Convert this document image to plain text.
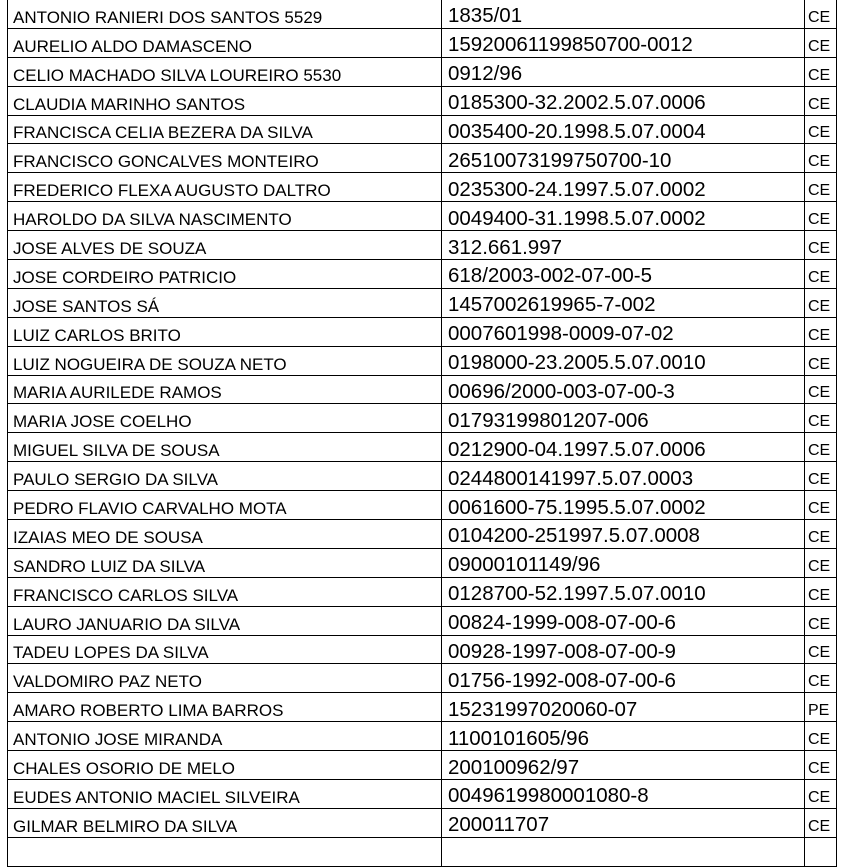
ANTONIO RANIERI DOS SANTOS 5529	1835/01	CE
AURELIO ALDO DAMASCENO	15920061199850700-0012	CE
CELIO MACHADO SILVA LOUREIRO 5530	0912/96	CE
CLAUDIA MARINHO SANTOS	0185300-32.2002.5.07.0006	CE
FRANCISCA CELIA BEZERA DA SILVA	0035400-20.1998.5.07.0004	CE
FRANCISCO GONCALVES MONTEIRO	26510073199750700-10	CE
FREDERICO FLEXA AUGUSTO DALTRO	0235300-24.1997.5.07.0002	CE
HAROLDO DA SILVA NASCIMENTO	0049400-31.1998.5.07.0002	CE
JOSE ALVES DE SOUZA	312.661.997	CE
JOSE CORDEIRO PATRICIO	618/2003-002-07-00-5	CE
JOSE SANTOS SÁ	1457002619965-7-002	CE
LUIZ CARLOS BRITO	0007601998-0009-07-02	CE
LUIZ NOGUEIRA DE SOUZA NETO	0198000-23.2005.5.07.0010	CE
MARIA AURILEDE RAMOS	00696/2000-003-07-00-3	CE
MARIA JOSE COELHO	01793199801207-006	CE
MIGUEL SILVA DE SOUSA	0212900-04.1997.5.07.0006	CE
PAULO SERGIO DA SILVA	0244800141997.5.07.0003	CE
PEDRO FLAVIO CARVALHO MOTA	0061600-75.1995.5.07.0002	CE
IZAIAS MEO DE SOUSA	0104200-251997.5.07.0008	CE
SANDRO LUIZ DA SILVA	09000101149/96	CE
FRANCISCO CARLOS SILVA	0128700-52.1997.5.07.0010	CE
LAURO JANUARIO DA SILVA	00824-1999-008-07-00-6	CE
TADEU LOPES DA SILVA	00928-1997-008-07-00-9	CE
VALDOMIRO PAZ NETO	01756-1992-008-07-00-6	CE
AMARO ROBERTO LIMA BARROS	15231997020060-07	PE
ANTONIO JOSE MIRANDA	1100101605/96	CE
CHALES OSORIO DE MELO	200100962/97	CE
EUDES ANTONIO MACIEL SILVEIRA	004961998000108​0-8	CE
GILMAR BELMIRO DA SILVA	200011707	CE
